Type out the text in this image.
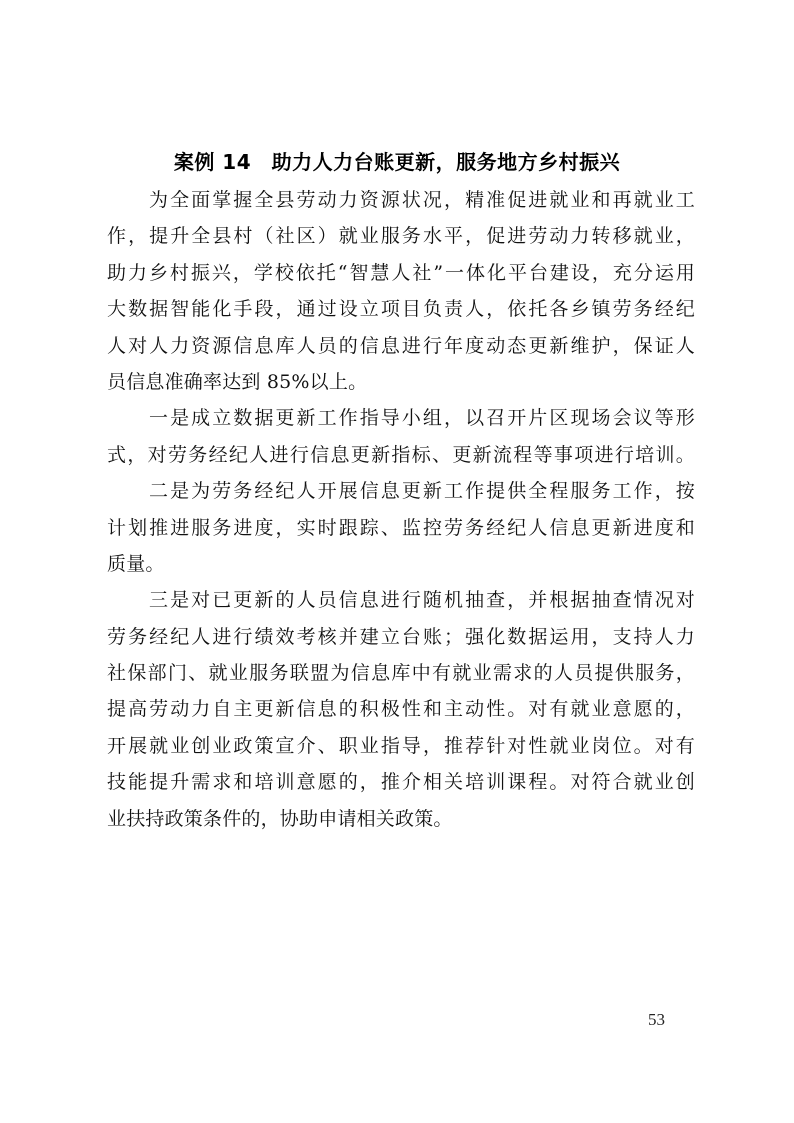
案例 14　助力人力台账更新，服务地方乡村振兴
为全面掌握全县劳动力资源状况，精准促进就业和再就业工
作，提升全县村（社区）就业服务水平，促进劳动力转移就业，
助力乡村振兴，学校依托“智慧人社”一体化平台建设，充分运用
大数据智能化手段，通过设立项目负责人，依托各乡镇劳务经纪
人对人力资源信息库人员的信息进行年度动态更新维护，保证人
员信息准确率达到 85%以上。
一是成立数据更新工作指导小组，以召开片区现场会议等形
式，对劳务经纪人进行信息更新指标、更新流程等事项进行培训。
二是为劳务经纪人开展信息更新工作提供全程服务工作，按
计划推进服务进度，实时跟踪、监控劳务经纪人信息更新进度和
质量。
三是对已更新的人员信息进行随机抽查，并根据抽查情况对
劳务经纪人进行绩效考核并建立台账；强化数据运用，支持人力
社保部门、就业服务联盟为信息库中有就业需求的人员提供服务，
提高劳动力自主更新信息的积极性和主动性。对有就业意愿的，
开展就业创业政策宣介、职业指导，推荐针对性就业岗位。对有
技能提升需求和培训意愿的，推介相关培训课程。对符合就业创
业扶持政策条件的，协助申请相关政策。
53
